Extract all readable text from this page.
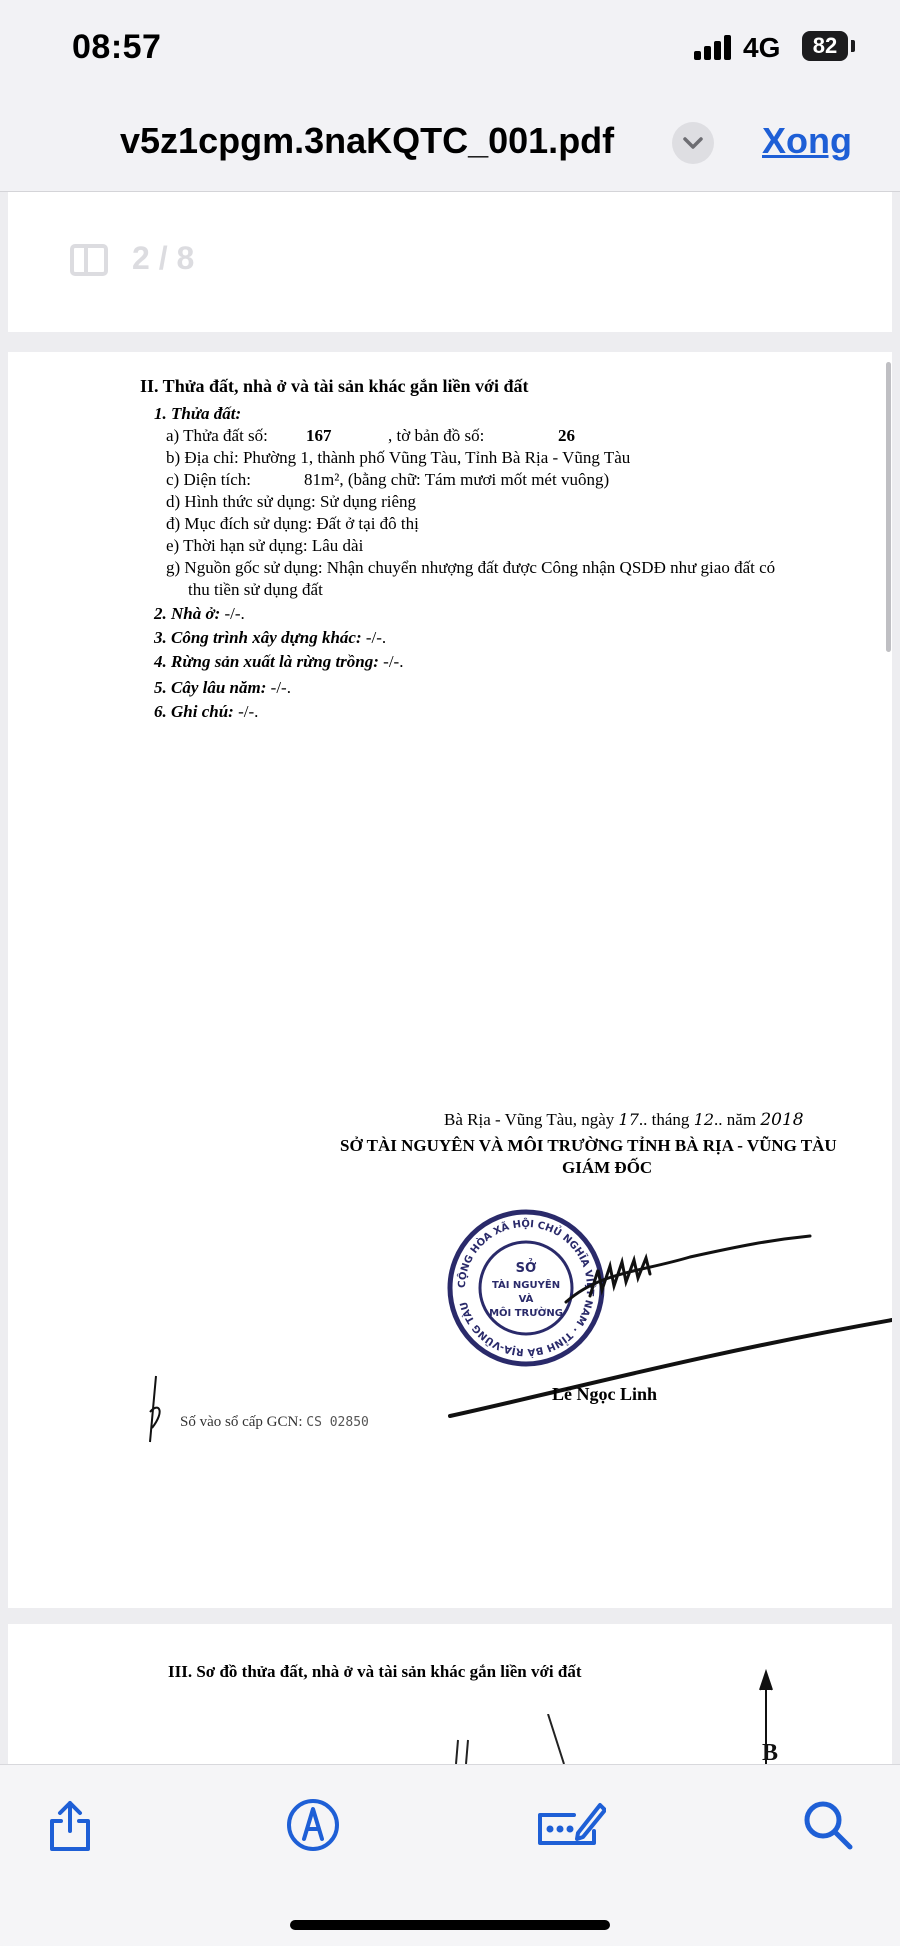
08:57	4G	82
v5z1cpgm.3naKQTC_001.pdf	Xong
2 / 8
II. Thửa đất, nhà ở và tài sản khác gắn liền với đất
1. Thửa đất:
a) Thửa đất số: 167	, tờ bản đồ số:	26
b) Địa chỉ: Phường 1, thành phố Vũng Tàu, Tỉnh Bà Rịa - Vũng Tàu
c) Diện tích:	81m², (bằng chữ: Tám mươi mốt mét vuông)
d) Hình thức sử dụng: Sử dụng riêng
đ) Mục đích sử dụng: Đất ở tại đô thị
e) Thời hạn sử dụng: Lâu dài
g) Nguồn gốc sử dụng: Nhận chuyển nhượng đất được Công nhận QSDĐ như giao đất có
thu tiền sử dụng đất
2. Nhà ở: -/-.
3. Công trình xây dựng khác: -/-.
4. Rừng sản xuất là rừng trồng: -/-.
5. Cây lâu năm: -/-.
6. Ghi chú: -/-.
Bà Rịa - Vũng Tàu, ngày 17.. tháng 12.. năm 2018
SỞ TÀI NGUYÊN VÀ MÔI TRƯỜNG TỈNH BÀ RỊA - VŨNG TÀU
GIÁM ĐỐC
CỘNG HÒA XÃ HỘI CHỦ NGHĨA VIỆT NAM · TỈNH BÀ RỊA-VŨNG TÀU
SỞ
TÀI NGUYÊN
VÀ
MÔI TRƯỜNG
Lê Ngọc Linh
Số vào sổ cấp GCN: CS 02850
III. Sơ đồ thửa đất, nhà ở và tài sản khác gắn liền với đất
B
